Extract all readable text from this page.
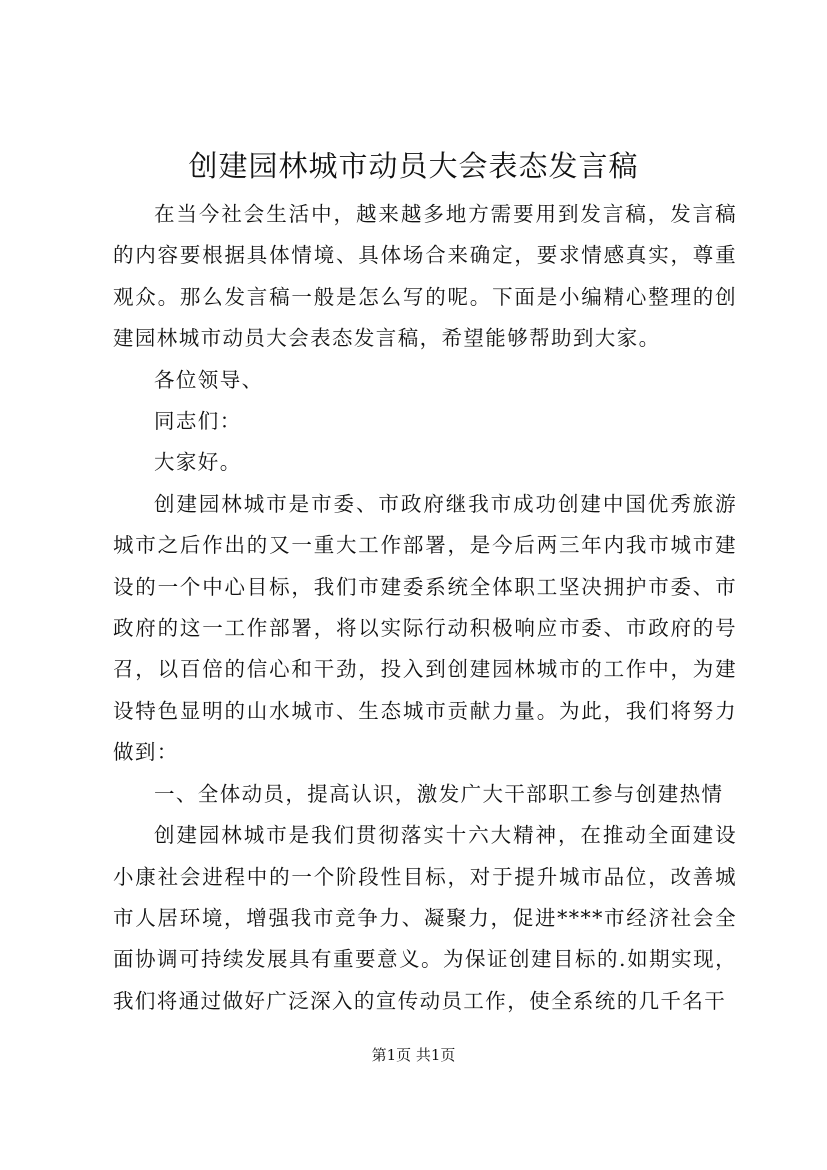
创建园林城市动员大会表态发言稿

在当今社会生活中，越来越多地方需要用到发言稿，发言稿的内容要根据具体情境、具体场合来确定，要求情感真实，尊重观众。那么发言稿一般是怎么写的呢。下面是小编精心整理的创建园林城市动员大会表态发言稿，希望能够帮助到大家。

各位领导、

同志们：

大家好。

创建园林城市是市委、市政府继我市成功创建中国优秀旅游城市之后作出的又一重大工作部署，是今后两三年内我市城市建设的一个中心目标，我们市建委系统全体职工坚决拥护市委、市政府的这一工作部署，将以实际行动积极响应市委、市政府的号召，以百倍的信心和干劲，投入到创建园林城市的工作中，为建设特色显明的山水城市、生态城市贡献力量。为此，我们将努力做到：

一、全体动员，提高认识，激发广大干部职工参与创建热情

创建园林城市是我们贯彻落实十六大精神，在推动全面建设小康社会进程中的一个阶段性目标，对于提升城市品位，改善城市人居环境，增强我市竞争力、凝聚力，促进****市经济社会全面协调可持续发展具有重要意义。为保证创建目标的.如期实现，我们将通过做好广泛深入的宣传动员工作，使全系统的几千名干

第1页 共1页
